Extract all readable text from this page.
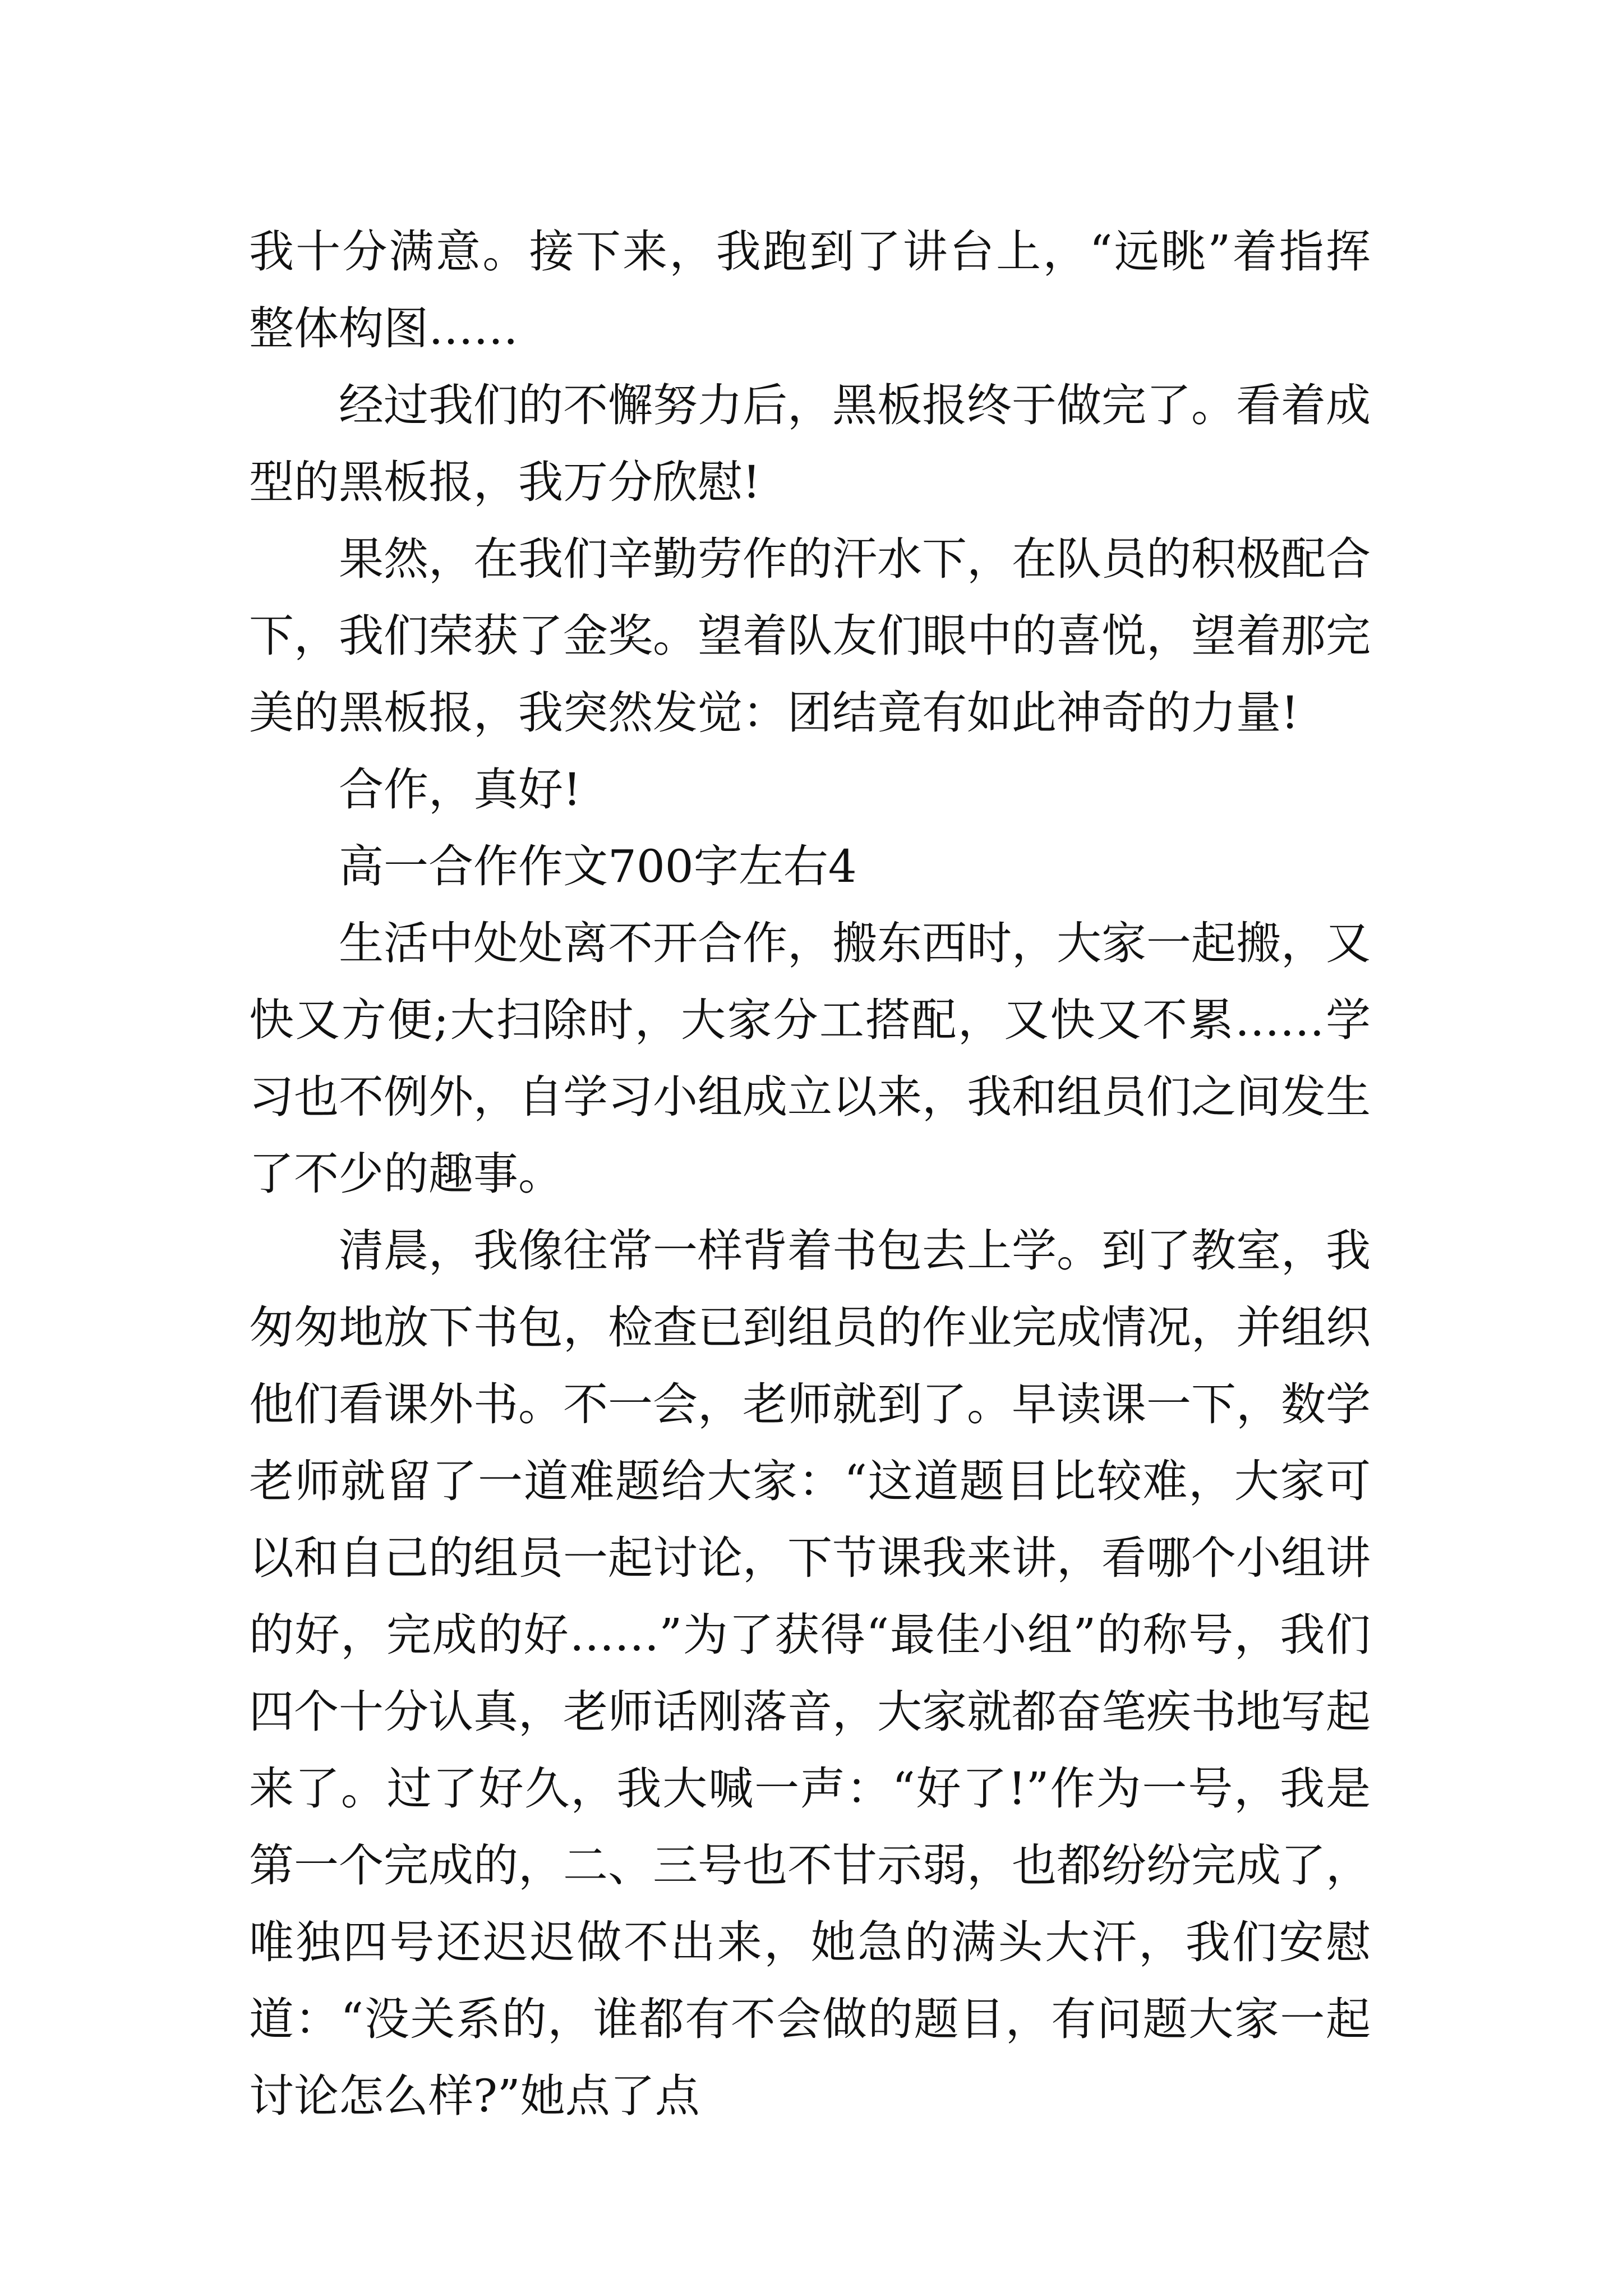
我十分满意。接下来，我跑到了讲台上，“远眺”着指挥整体构图……

经过我们的不懈努力后，黑板报终于做完了。看着成型的黑板报，我万分欣慰!

果然，在我们辛勤劳作的汗水下，在队员的积极配合下，我们荣获了金奖。望着队友们眼中的喜悦，望着那完美的黑板报，我突然发觉：团结竟有如此神奇的力量!

合作，真好!

高一合作作文700字左右4

生活中处处离不开合作，搬东西时，大家一起搬，又快又方便;大扫除时，大家分工搭配，又快又不累……学习也不例外，自学习小组成立以来，我和组员们之间发生了不少的趣事。

清晨，我像往常一样背着书包去上学。到了教室，我匆匆地放下书包，检查已到组员的作业完成情况，并组织他们看课外书。不一会，老师就到了。早读课一下，数学老师就留了一道难题给大家：“这道题目比较难，大家可以和自己的组员一起讨论，下节课我来讲，看哪个小组讲的好，完成的好……”为了获得“最佳小组”的称号，我们四个十分认真，老师话刚落音，大家就都奋笔疾书地写起来了。过了好久，我大喊一声：“好了!”作为一号，我是第一个完成的，二、三号也不甘示弱，也都纷纷完成了，唯独四号还迟迟做不出来，她急的满头大汗，我们安慰道：“没关系的，谁都有不会做的题目，有问题大家一起讨论怎么样?”她点了点
